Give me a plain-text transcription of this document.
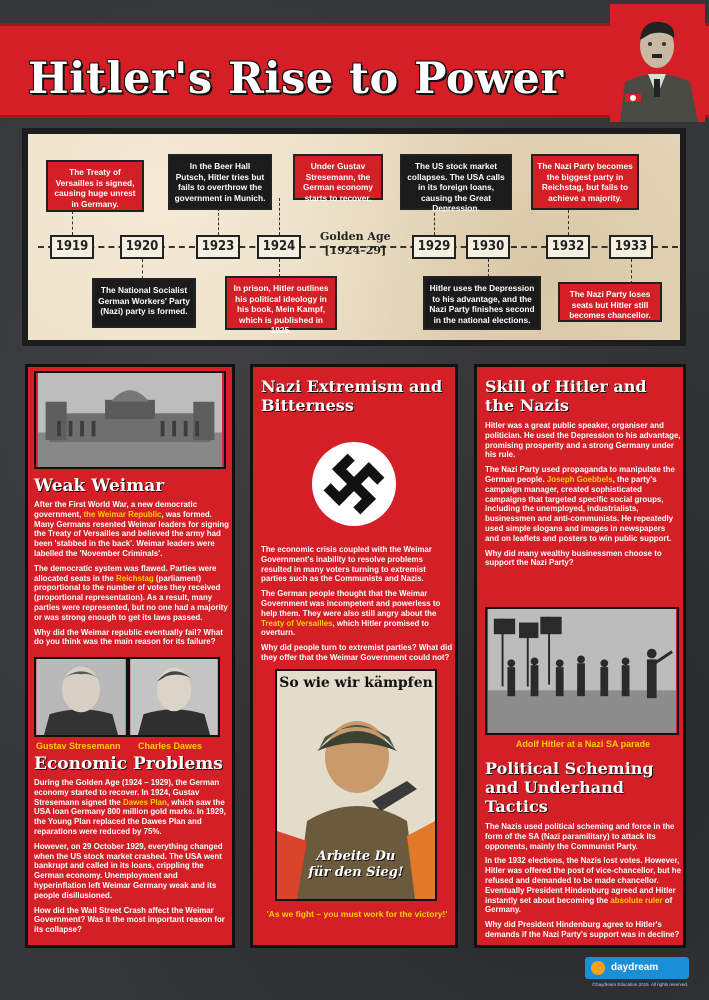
Hitler's Rise to Power
1919	1920	1923	1924	1929	1930	1932	1933
Golden Age
[1924–29]
The Treaty of Versailles is signed, causing huge unrest in Germany.
In the Beer Hall Putsch, Hitler tries but fails to overthrow the government in Munich.
Under Gustav Stresemann, the German economy starts to recover.
The US stock market collapses. The USA calls in its foreign loans, causing the Great Depression.
The Nazi Party becomes the biggest party in Reichstag, but fails to achieve a majority.
The National Socialist German Workers' Party (Nazi) party is formed.
In prison, Hitler outlines his political ideology in his book, Mein Kampf, which is published in 1925.
Hitler uses the Depression to his advantage, and the Nazi Party finishes second in the national elections.
The Nazi Party loses seats but Hitler still becomes chancellor.
Weak Weimar

After the First World War, a new democratic government, the Weimar Republic, was formed. Many Germans resented Weimar leaders for signing the Treaty of Versailles and believed the army had been 'stabbed in the back'. Weimar leaders were labelled the 'November Criminals'.

The democratic system was flawed. Parties were allocated seats in the Reichstag (parliament) proportional to the number of votes they received (proportional representation). As a result, many parties were represented, but no one had a majority or was strong enough to get its laws passed.

Why did the Weimar republic eventually fail? What do you think was the main reason for its failure?

Gustav Stresemann Charles Dawes
Economic Problems

During the Golden Age (1924 – 1929), the German economy started to recover. In 1924, Gustav Stresemann signed the Dawes Plan, which saw the USA loan Germany 800 million gold marks. In 1929, the Young Plan replaced the Dawes Plan and reparations were reduced by 75%.

However, on 29 October 1929, everything changed when the US stock market crashed. The USA went bankrupt and called in its loans, crippling the German economy. Unemployment and hyperinflation left Weimar Germany weak and its people disillusioned.

How did the Wall Street Crash affect the Weimar Government? Was it the most important reason for its collapse?

Nazi Extremism and Bitterness

The economic crisis coupled with the Weimar Government's inability to resolve problems resulted in many voters turning to extremist parties such as the Communists and Nazis.

The German people thought that the Weimar Government was incompetent and powerless to help them. They were also still angry about the Treaty of Versailles, which Hitler promised to overturn.

Why did people turn to extremist parties? What did they offer that the Weimar Government could not?

So wie wir kämpfen
Arbeite Du
für den Sieg!
'As we fight – you must work for the victory!'
Skill of Hitler and the Nazis

Hitler was a great public speaker, organiser and politician. He used the Depression to his advantage, promising prosperity and a strong Germany under his rule.

The Nazi Party used propaganda to manipulate the German people. Joseph Goebbels, the party's campaign manager, created sophisticated campaigns that targeted specific social groups, including the unemployed, industrialists, businessmen and anti-communists. He repeatedly used simple slogans and images in newspapers and on leaflets and posters to win public support.

Why did many wealthy businessmen choose to support the Nazi Party?

Adolf Hitler at a Nazi SA parade
Political Scheming and Underhand Tactics

The Nazis used political scheming and force in the form of the SA (Nazi paramilitary) to attack its opponents, mainly the Communist Party.

In the 1932 elections, the Nazis lost votes. However, Hitler was offered the post of vice-chancellor, but he refused and demanded to be made chancellor. Eventually President Hindenburg agreed and Hitler instantly set about becoming the absolute ruler of Germany.

Why did President Hindenburg agree to Hitler's demands if the Nazi Party's support was in decline?

daydream
©Daydream Education 2015. All rights reserved.
